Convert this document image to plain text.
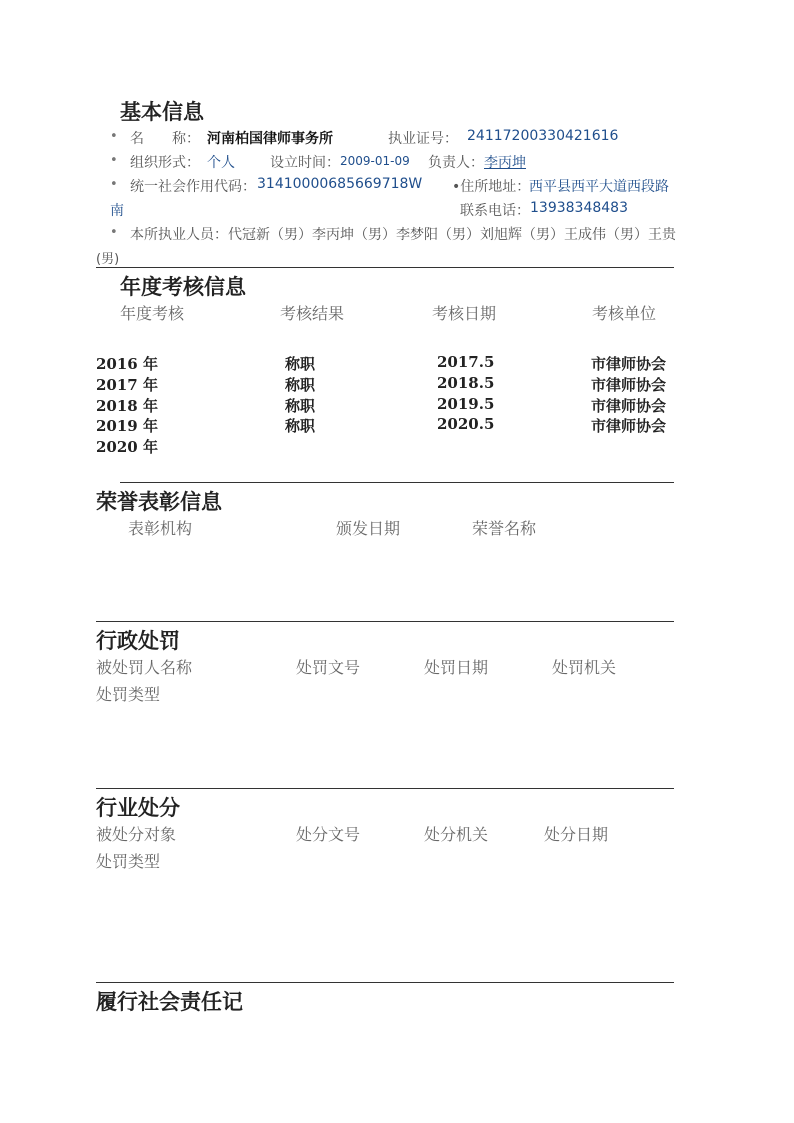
基本信息
• 名　　称： 河南柏国律师事务所	执业证号： 24117200330421616
• 组织形式： 个人	设立时间： 2009-01-09 负责人： 李丙坤
• 统一社会作用代码： 31410000685669718W •住所地址：
西平县西平大道西段路
南	联系电话： 13938348483
• 本所执业人员： 代冠新（男）李丙坤（男）李梦阳（男）刘旭辉（男）王成伟（男）王贵
(男)
年度考核信息
年度考核	考核结果	考核日期	考核单位
2016 年	称职	2017.5	市律师协会
2017 年	称职	2018.5	市律师协会
2018 年	称职	2019.5	市律师协会
2019 年	称职	2020.5	市律师协会
2020 年
荣誉表彰信息
表彰机构	颁发日期	荣誉名称
行政处罚
被处罚人名称	处罚文号	处罚日期	处罚机关
处罚类型
行业处分
被处分对象	处分文号	处分机关	处分日期
处罚类型
履行社会责任记
